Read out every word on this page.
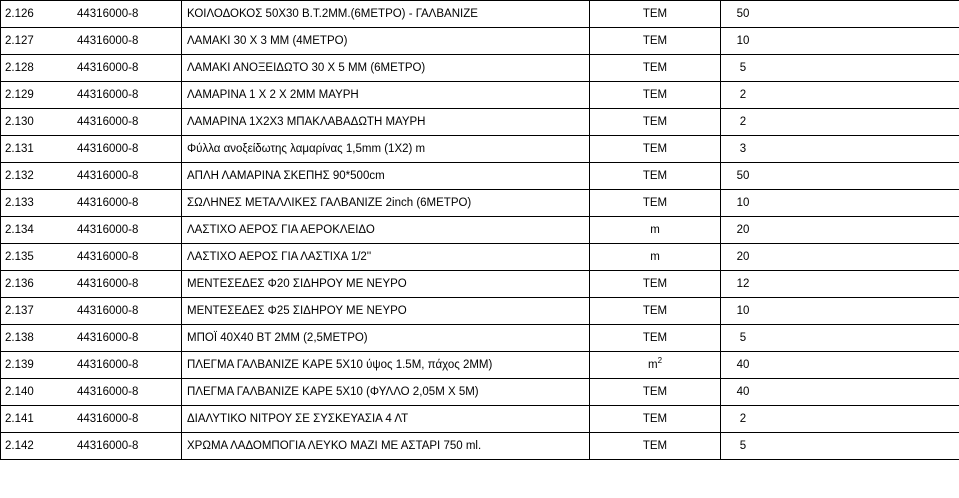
2.126	44316000-8	ΚΟΙΛΟΔΟΚΟΣ 50Χ30 Β.Τ.2ΜΜ.(6ΜΕΤΡΟ) - ΓΑΛΒΑΝΙΖΕ	ΤΕΜ	50
2.127	44316000-8	ΛΑΜΑΚΙ 30 Χ 3 ΜΜ (4ΜΕΤΡΟ)	ΤΕΜ	10
2.128	44316000-8	ΛΑΜΑΚΙ ΑΝΟΞΕΙΔΩΤΟ 30 Χ 5 ΜΜ (6ΜΕΤΡΟ)	ΤΕΜ	5
2.129	44316000-8	ΛΑΜΑΡΙΝΑ 1 Χ 2 Χ 2ΜΜ ΜΑΥΡΗ	ΤΕΜ	2
2.130	44316000-8	ΛΑΜΑΡΙΝΑ 1Χ2Χ3 ΜΠΑΚΛΑΒΑΔΩΤΗ ΜΑΥΡΗ	ΤΕΜ	2
2.131	44316000-8	Φύλλα ανοξείδωτης λαμαρίνας 1,5mm (1Χ2) m	ΤΕΜ	3
2.132	44316000-8	ΑΠΛΗ ΛΑΜΑΡΙΝΑ ΣΚΕΠΗΣ 90*500cm	ΤΕΜ	50
2.133	44316000-8	ΣΩΛΗΝΕΣ ΜΕΤΑΛΛΙΚΕΣ ΓΑΛΒΑΝΙΖΕ 2inch (6ΜΕΤΡΟ)	ΤΕΜ	10
2.134	44316000-8	ΛΑΣΤΙΧΟ ΑΕΡΟΣ ΓΙΑ ΑΕΡΟΚΛΕΙΔΟ	m	20
2.135	44316000-8	ΛΑΣΤΙΧΟ ΑΕΡΟΣ ΓΙΑ ΛΑΣΤΙΧΑ 1/2''	m	20
2.136	44316000-8	ΜΕΝΤΕΣΕΔΕΣ Φ20 ΣΙΔΗΡΟΥ ΜΕ ΝΕΥΡΟ	ΤΕΜ	12
2.137	44316000-8	ΜΕΝΤΕΣΕΔΕΣ Φ25 ΣΙΔΗΡΟΥ ΜΕ ΝΕΥΡΟ	ΤΕΜ	10
2.138	44316000-8	ΜΠΟΪ 40Χ40 ΒΤ 2ΜΜ (2,5ΜΕΤΡΟ)	ΤΕΜ	5
2.139	44316000-8	ΠΛΕΓΜΑ ΓΑΛΒΑΝΙΖΕ ΚΑΡΕ 5Χ10 ύψος 1.5Μ, πάχος 2ΜΜ)	$m^2$	40
2.140	44316000-8	ΠΛΕΓΜΑ ΓΑΛΒΑΝΙΖΕ ΚΑΡΕ 5Χ10 (ΦΥΛΛΟ 2,05Μ Χ 5Μ)	ΤΕΜ	40
2.141	44316000-8	ΔΙΑΛΥΤΙΚΟ ΝΙΤΡΟΥ ΣΕ ΣΥΣΚΕΥΑΣΙΑ 4 ΛΤ	ΤΕΜ	2
2.142	44316000-8	ΧΡΩΜΑ ΛΑΔΟΜΠΟΓΙΑ ΛΕΥΚΟ ΜΑΖΙ ΜΕ ΑΣΤΑΡΙ 750 ml.	ΤΕΜ	5
